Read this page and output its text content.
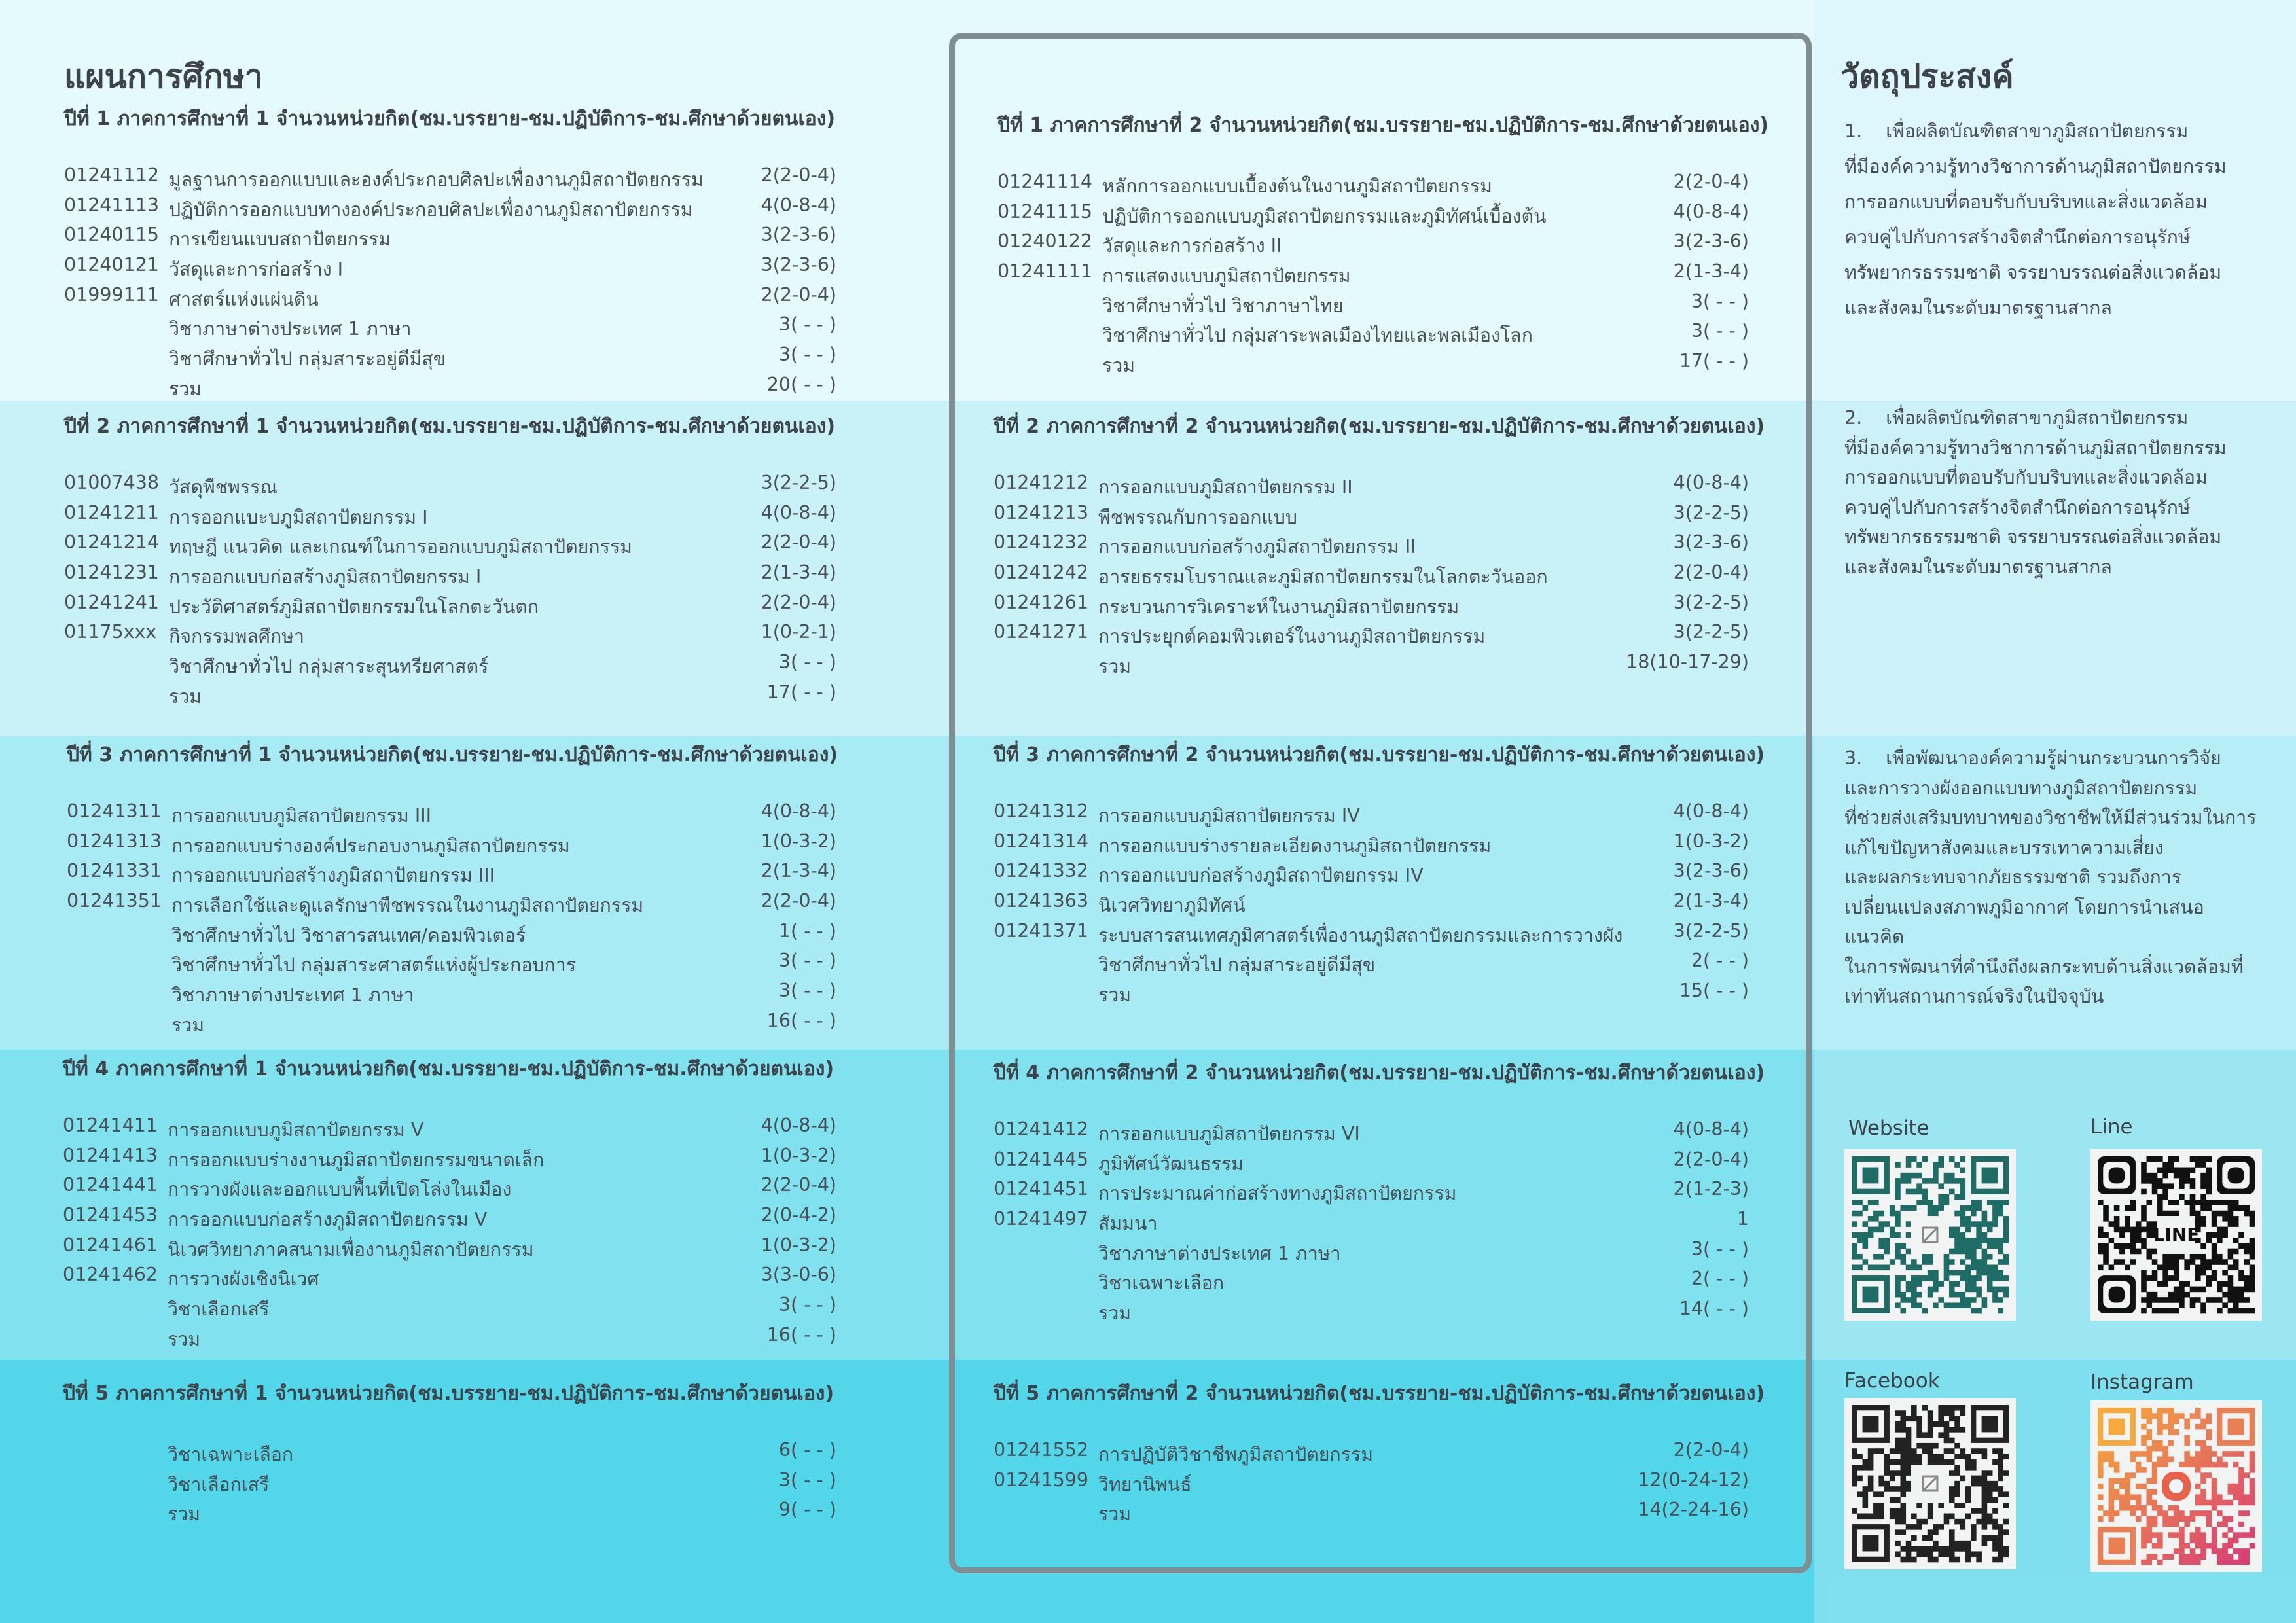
แผนการศึกษา	วัตถุประสงค์
ปีที่ 1 ภาคการศึกษาที่ 1 จำนวนหน่วยกิต(ชม.บรรยาย-ชม.ปฏิบัติการ-ชม.ศึกษาด้วยตนเอง)
01241112 มูลฐานการออกแบบและองค์ประกอบศิลปะเพื่องานภูมิสถาปัตยกรรม	2(2-0-4)
01241113 ปฏิบัติการออกแบบทางองค์ประกอบศิลปะเพื่องานภูมิสถาปัตยกรรม	4(0-8-4)
01240115 การเขียนแบบสถาปัตยกรรม	3(2-3-6)
01240121 วัสดุและการก่อสร้าง I	3(2-3-6)
01999111 ศาสตร์แห่งแผ่นดิน	2(2-0-4)
วิชาภาษาต่างประเทศ 1 ภาษา	3( - - )
วิชาศึกษาทั่วไป กลุ่มสาระอยู่ดีมีสุข	3( - - )
รวม	20( - - )
ปีที่ 1 ภาคการศึกษาที่ 2 จำนวนหน่วยกิต(ชม.บรรยาย-ชม.ปฏิบัติการ-ชม.ศึกษาด้วยตนเอง)
01241114 หลักการออกแบบเบื้องต้นในงานภูมิสถาปัตยกรรม	2(2-0-4)
01241115 ปฏิบัติการออกแบบภูมิสถาปัตยกรรมและภูมิทัศน์เบื้องต้น	4(0-8-4)
01240122 วัสดุและการก่อสร้าง II	3(2-3-6)
01241111 การแสดงแบบภูมิสถาปัตยกรรม	2(1-3-4)
วิชาศึกษาทั่วไป วิชาภาษาไทย	3( - - )
วิชาศึกษาทั่วไป กลุ่มสาระพลเมืองไทยและพลเมืองโลก	3( - - )
รวม	17( - - )
ปีที่ 2 ภาคการศึกษาที่ 1 จำนวนหน่วยกิต(ชม.บรรยาย-ชม.ปฏิบัติการ-ชม.ศึกษาด้วยตนเอง)
01007438 วัสดุพืชพรรณ	3(2-2-5)
01241211 การออกแบะบภูมิสถาปัตยกรรม I	4(0-8-4)
01241214 ทฤษฎี แนวคิด และเกณฑ์ในการออกแบบภูมิสถาปัตยกรรม	2(2-0-4)
01241231 การออกแบบก่อสร้างภูมิสถาปัตยกรรม I	2(1-3-4)
01241241 ประวัติศาสตร์ภูมิสถาปัตยกรรมในโลกตะวันตก	2(2-0-4)
01175xxx กิจกรรมพลศึกษา	1(0-2-1)
วิชาศึกษาทั่วไป กลุ่มสาระสุนทรียศาสตร์	3( - - )
รวม	17( - - )
ปีที่ 2 ภาคการศึกษาที่ 2 จำนวนหน่วยกิต(ชม.บรรยาย-ชม.ปฏิบัติการ-ชม.ศึกษาด้วยตนเอง)
01241212 การออกแบบภูมิสถาปัตยกรรม II	4(0-8-4)
01241213 พืชพรรณกับการออกแบบ	3(2-2-5)
01241232 การออกแบบก่อสร้างภูมิสถาปัตยกรรม II	3(2-3-6)
01241242 อารยธรรมโบราณและภูมิสถาปัตยกรรมในโลกตะวันออก	2(2-0-4)
01241261 กระบวนการวิเคราะห์ในงานภูมิสถาปัตยกรรม	3(2-2-5)
01241271 การประยุกต์คอมพิวเตอร์ในงานภูมิสถาปัตยกรรม	3(2-2-5)
รวม	18(10-17-29)
ปีที่ 3 ภาคการศึกษาที่ 1 จำนวนหน่วยกิต(ชม.บรรยาย-ชม.ปฏิบัติการ-ชม.ศึกษาด้วยตนเอง)
01241311 การออกแบบภูมิสถาปัตยกรรม III	4(0-8-4)
01241313 การออกแบบร่างองค์ประกอบงานภูมิสถาปัตยกรรม	1(0-3-2)
01241331 การออกแบบก่อสร้างภูมิสถาปัตยกรรม III	2(1-3-4)
01241351 การเลือกใช้และดูแลรักษาพืชพรรณในงานภูมิสถาปัตยกรรม	2(2-0-4)
วิชาศึกษาทั่วไป วิชาสารสนเทศ/คอมพิวเตอร์	1( - - )
วิชาศึกษาทั่วไป กลุ่มสาระศาสตร์แห่งผู้ประกอบการ	3( - - )
วิชาภาษาต่างประเทศ 1 ภาษา	3( - - )
รวม	16( - - )
ปีที่ 3 ภาคการศึกษาที่ 2 จำนวนหน่วยกิต(ชม.บรรยาย-ชม.ปฏิบัติการ-ชม.ศึกษาด้วยตนเอง)
01241312 การออกแบบภูมิสถาปัตยกรรม IV	4(0-8-4)
01241314 การออกแบบร่างรายละเอียดงานภูมิสถาปัตยกรรม	1(0-3-2)
01241332 การออกแบบก่อสร้างภูมิสถาปัตยกรรม IV	3(2-3-6)
01241363 นิเวศวิทยาภูมิทัศน์	2(1-3-4)
01241371 ระบบสารสนเทศภูมิศาสตร์เพื่องานภูมิสถาปัตยกรรมและการวางผัง	3(2-2-5)
วิชาศึกษาทั่วไป กลุ่มสาระอยู่ดีมีสุข	2( - - )
รวม	15( - - )
ปีที่ 4 ภาคการศึกษาที่ 1 จำนวนหน่วยกิต(ชม.บรรยาย-ชม.ปฏิบัติการ-ชม.ศึกษาด้วยตนเอง)
01241411 การออกแบบภูมิสถาปัตยกรรม V	4(0-8-4)
01241413 การออกแบบร่างงานภูมิสถาปัตยกรรมขนาดเล็ก	1(0-3-2)
01241441 การวางผังและออกแบบพื้นที่เปิดโล่งในเมือง	2(2-0-4)
01241453 การออกแบบก่อสร้างภูมิสถาปัตยกรรม V	2(0-4-2)
01241461 นิเวศวิทยาภาคสนามเพื่องานภูมิสถาปัตยกรรม	1(0-3-2)
01241462 การวางผังเชิงนิเวศ	3(3-0-6)
วิชาเลือกเสรี	3( - - )
รวม	16( - - )
ปีที่ 4 ภาคการศึกษาที่ 2 จำนวนหน่วยกิต(ชม.บรรยาย-ชม.ปฏิบัติการ-ชม.ศึกษาด้วยตนเอง)
01241412 การออกแบบภูมิสถาปัตยกรรม VI	4(0-8-4)
01241445 ภูมิทัศน์วัฒนธรรม	2(2-0-4)
01241451 การประมาณค่าก่อสร้างทางภูมิสถาปัตยกรรม	2(1-2-3)
01241497 สัมมนา	1
วิชาภาษาต่างประเทศ 1 ภาษา	3( - - )
วิชาเฉพาะเลือก	2( - - )
รวม	14( - - )
ปีที่ 5 ภาคการศึกษาที่ 1 จำนวนหน่วยกิต(ชม.บรรยาย-ชม.ปฏิบัติการ-ชม.ศึกษาด้วยตนเอง)
วิชาเฉพาะเลือก	6( - - )
วิชาเลือกเสรี	3( - - )
รวม	9( - - )
ปีที่ 5 ภาคการศึกษาที่ 2 จำนวนหน่วยกิต(ชม.บรรยาย-ชม.ปฏิบัติการ-ชม.ศึกษาด้วยตนเอง)
01241552 การปฏิบัติวิชาชีพภูมิสถาปัตยกรรม	2(2-0-4)
01241599 วิทยานิพนธ์	12(0-24-12)
รวม	14(2-24-16)
1. เพื่อผลิตบัณฑิตสาขาภูมิสถาปัตยกรรม
ที่มีองค์ความรู้ทางวิชาการด้านภูมิสถาปัตยกรรม
การออกแบบที่ตอบรับกับบริบทและสิ่งแวดล้อม
ควบคู่ไปกับการสร้างจิตสำนึกต่อการอนุรักษ์
ทรัพยากรธรรมชาติ จรรยาบรรณต่อสิ่งแวดล้อม
และสังคมในระดับมาตรฐานสากล
2. เพื่อผลิตบัณฑิตสาขาภูมิสถาปัตยกรรม
ที่มีองค์ความรู้ทางวิชาการด้านภูมิสถาปัตยกรรม
การออกแบบที่ตอบรับกับบริบทและสิ่งแวดล้อม
ควบคู่ไปกับการสร้างจิตสำนึกต่อการอนุรักษ์
ทรัพยากรธรรมชาติ จรรยาบรรณต่อสิ่งแวดล้อม
และสังคมในระดับมาตรฐานสากล
3. เพื่อพัฒนาองค์ความรู้ผ่านกระบวนการวิจัย
และการวางผังออกแบบทางภูมิสถาปัตยกรรม
ที่ช่วยส่งเสริมบทบาทของวิชาชีพให้มีส่วนร่วมในการ
แก้ไขปัญหาสังคมและบรรเทาความเสี่ยง
และผลกระทบจากภัยธรรมชาติ รวมถึงการ
เปลี่ยนแปลงสภาพภูมิอากาศ โดยการนำเสนอแนวคิด
ในการพัฒนาที่คำนึงถึงผลกระทบด้านสิ่งแวดล้อมที่
เท่าทันสถานการณ์จริงในปัจจุบัน
Website	Line
LINE
Facebook	Instagram
